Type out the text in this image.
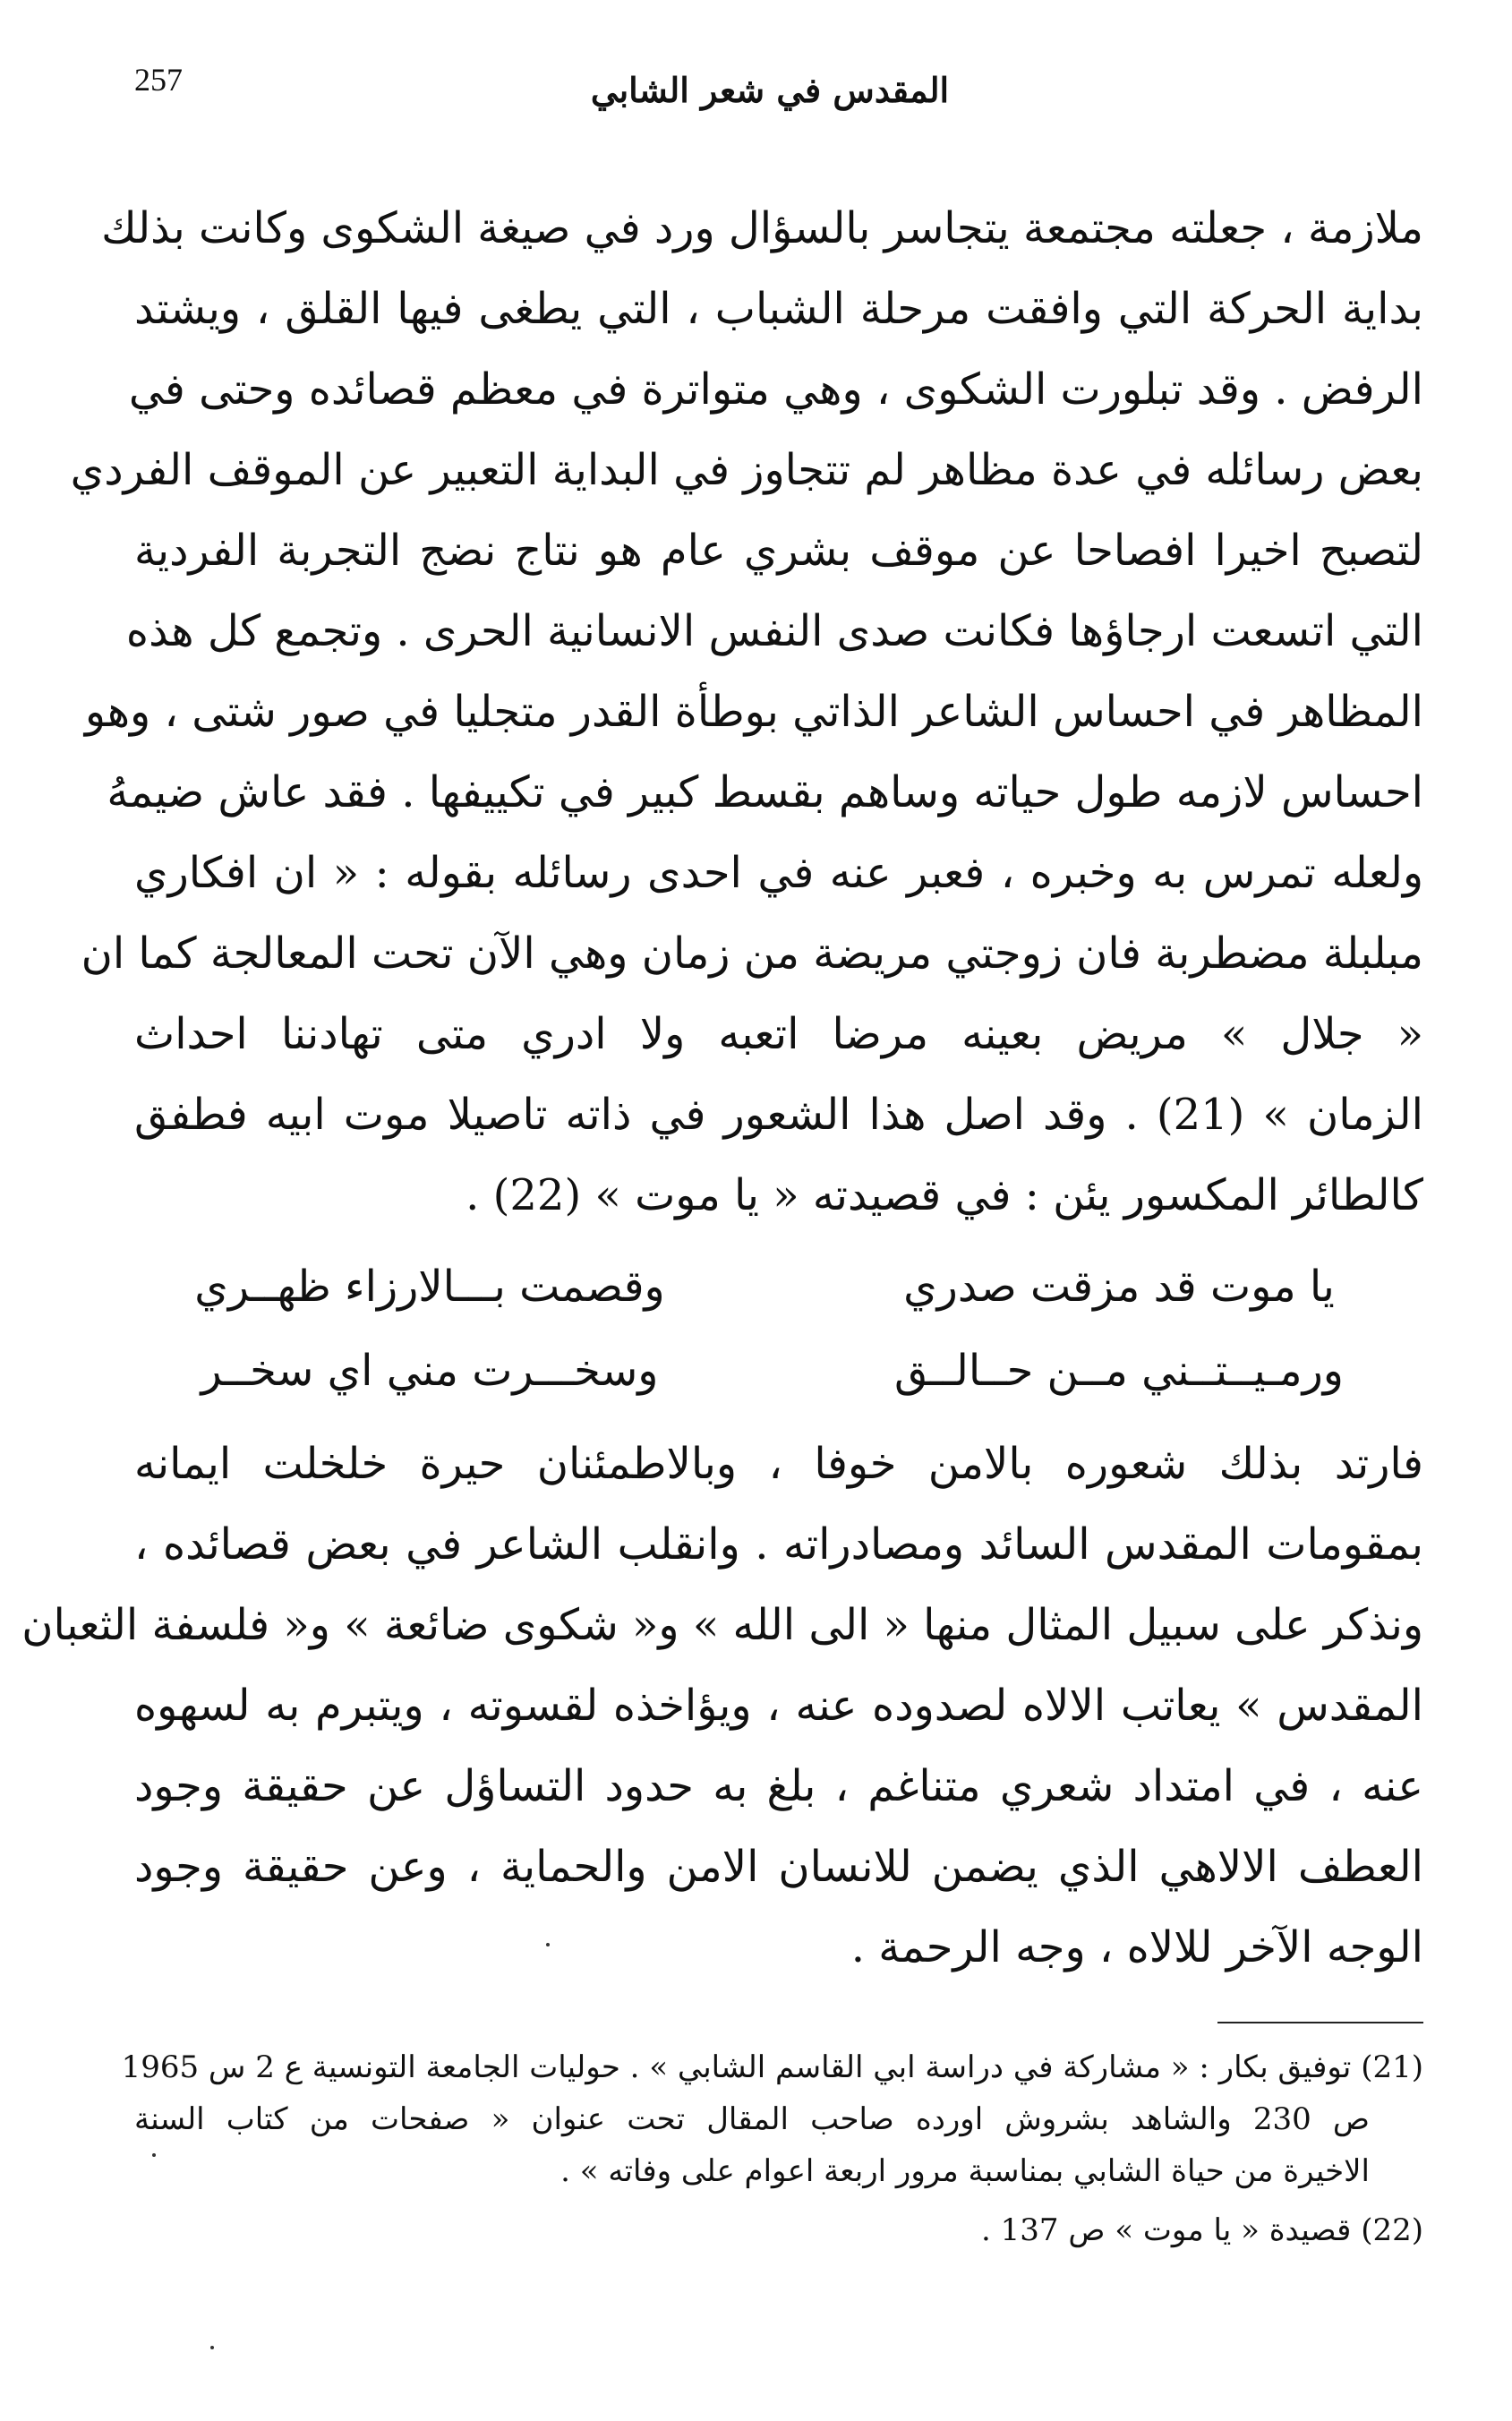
257	المقدس في شعر الشابي
ملازمة ، جعلته مجتمعة يتجاسر بالسؤال ورد في صيغة الشكوى وكانت بذلك
بداية الحركة التي وافقت مرحلة الشباب ، التي يطغى فيها القلق ، ويشتد
الرفض . وقد تبلورت الشكوى ، وهي متواترة في معظم قصائده وحتى في
بعض رسائله في عدة مظاهر لم تتجاوز في البداية التعبير عن الموقف الفردي
لتصبح اخيرا افصاحا عن موقف بشري عام هو نتاج نضج التجربة الفردية
التي اتسعت ارجاؤها فكانت صدى النفس الانسانية الحرى . وتجمع كل هذه
المظاهر في احساس الشاعر الذاتي بوطأة القدر متجليا في صور شتى ، وهو
احساس لازمه طول حياته وساهم بقسط كبير في تكييفها . فقد عاش ضيمهُ
ولعله تمرس به وخبره ، فعبر عنه في احدى رسائله بقوله : « ان افكاري
مبلبلة مضطربة فان زوجتي مريضة من زمان وهي الآن تحت المعالجة كما ان
« جلال » مريض بعينه مرضا اتعبه ولا ادري متى تهادننا احداث
الزمان » (21) . وقد اصل هذا الشعور في ذاته تاصيلا موت ابيه فطفق
كالطائر المكسور يئن : في قصيدته « يا موت » (22) .
يا موت قد مزقت صدري
وقصمت بـــالارزاء ظهــري
ورمـيــتــني مــن حــالــق
وسخـــرت مني اي سخــر
فارتد بذلك شعوره بالامن خوفا ، وبالاطمئنان حيرة خلخلت ايمانه
بمقومات المقدس السائد ومصادراته . وانقلب الشاعر في بعض قصائده ،
ونذكر على سبيل المثال منها « الى الله » و« شكوى ضائعة » و« فلسفة الثعبان
المقدس » يعاتب الالاه لصدوده عنه ، ويؤاخذه لقسوته ، ويتبرم به لسهوه
عنه ، في امتداد شعري متناغم ، بلغ به حدود التساؤل عن حقيقة وجود
العطف الالاهي الذي يضمن للانسان الامن والحماية ، وعن حقيقة وجود
الوجه الآخر للالاه ، وجه الرحمة .
(21) توفيق بكار : « مشاركة في دراسة ابي القاسم الشابي » . حوليات الجامعة التونسية ع 2 س 1965
ص 230 والشاهد بشروش اورده صاحب المقال تحت عنوان « صفحات من كتاب السنة
الاخيرة من حياة الشابي بمناسبة مرور اربعة اعوام على وفاته » .
(22) قصيدة « يا موت » ص 137 .
